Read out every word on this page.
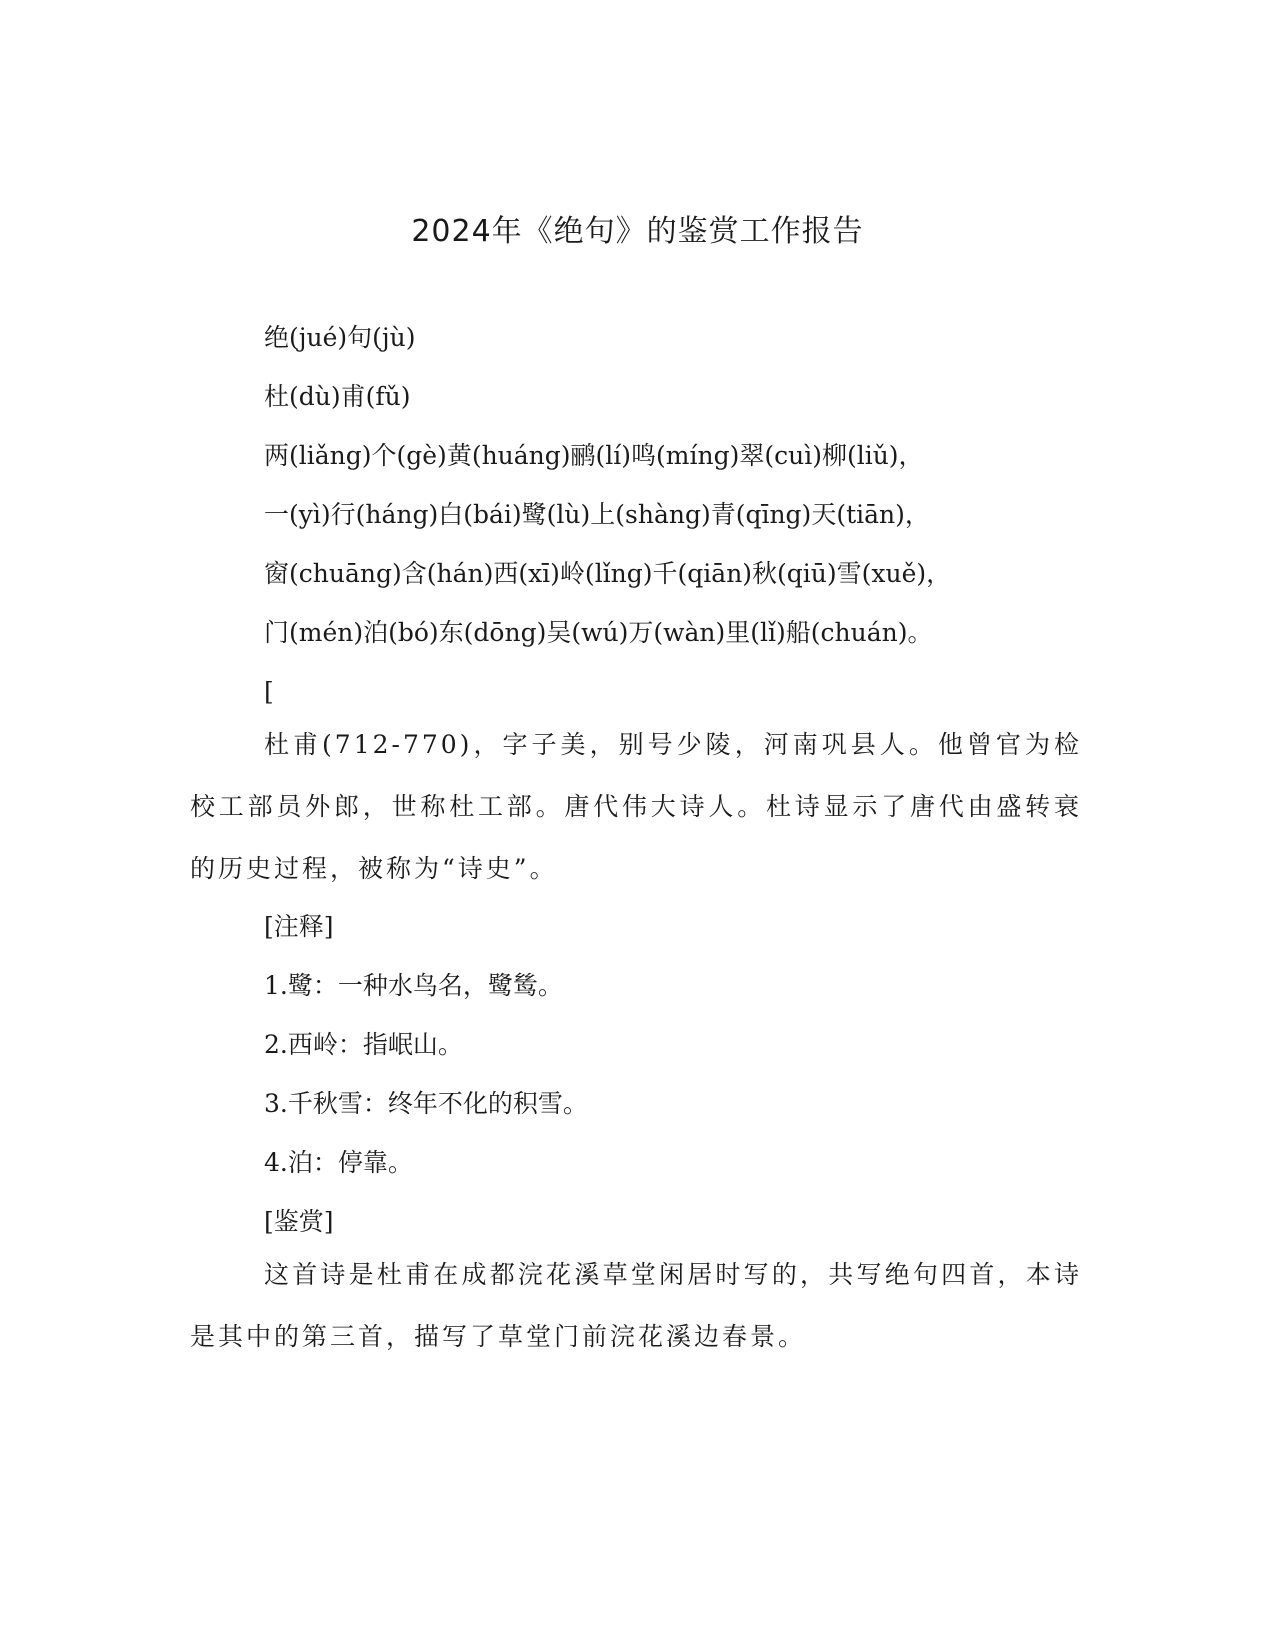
2024年《绝句》的鉴赏工作报告
绝(jué)句(jù)
杜(dù)甫(fǔ)
两(liǎng)个(gè)黄(huáng)鹂(lí)鸣(míng)翠(cuì)柳(liǔ)，
一(yì)行(háng)白(bái)鹭(lù)上(shàng)青(qīng)天(tiān)，
窗(chuāng)含(hán)西(xī)岭(lǐng)千(qiān)秋(qiū)雪(xuě)，
门(mén)泊(bó)东(dōng)吴(wú)万(wàn)里(lǐ)船(chuán)。
[
杜甫(712-770)，字子美，别号少陵，河南巩县人。他曾官为检校工部员外郎，世称杜工部。唐代伟大诗人。杜诗显示了唐代由盛转衰的历史过程，被称为“诗史”。
[注释]
1.鹭：一种水鸟名，鹭鸶。
2.西岭：指岷山。
3.千秋雪：终年不化的积雪。
4.泊：停靠。
[鉴赏]
这首诗是杜甫在成都浣花溪草堂闲居时写的，共写绝句四首，本诗是其中的第三首，描写了草堂门前浣花溪边春景。
